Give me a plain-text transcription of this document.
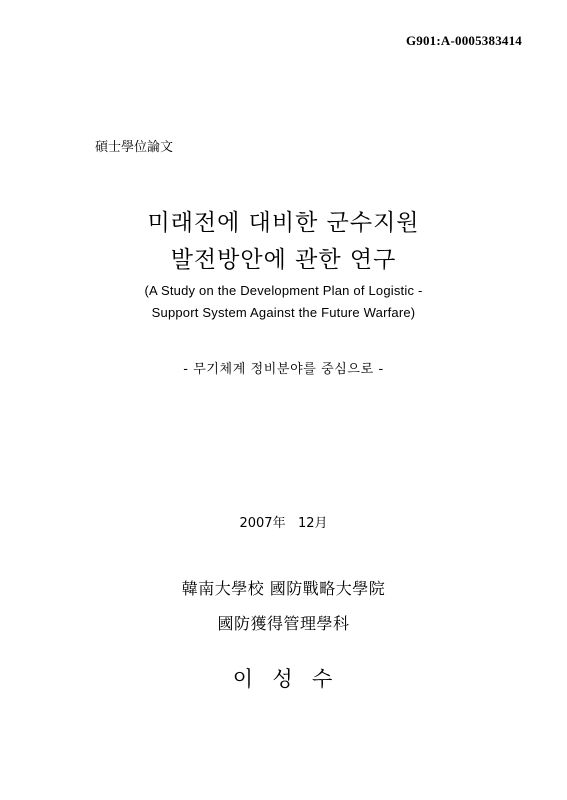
G901:A-0005383414
碩士學位論文
미래전에 대비한 군수지원
발전방안에 관한 연구
(A Study on the Development Plan of Logistic -
Support System Against the Future Warfare)
- 무기체계 정비분야를 중심으로 -
2007年   12月
韓南大學校 國防戰略大學院
國防獲得管理學科
이  성  수
